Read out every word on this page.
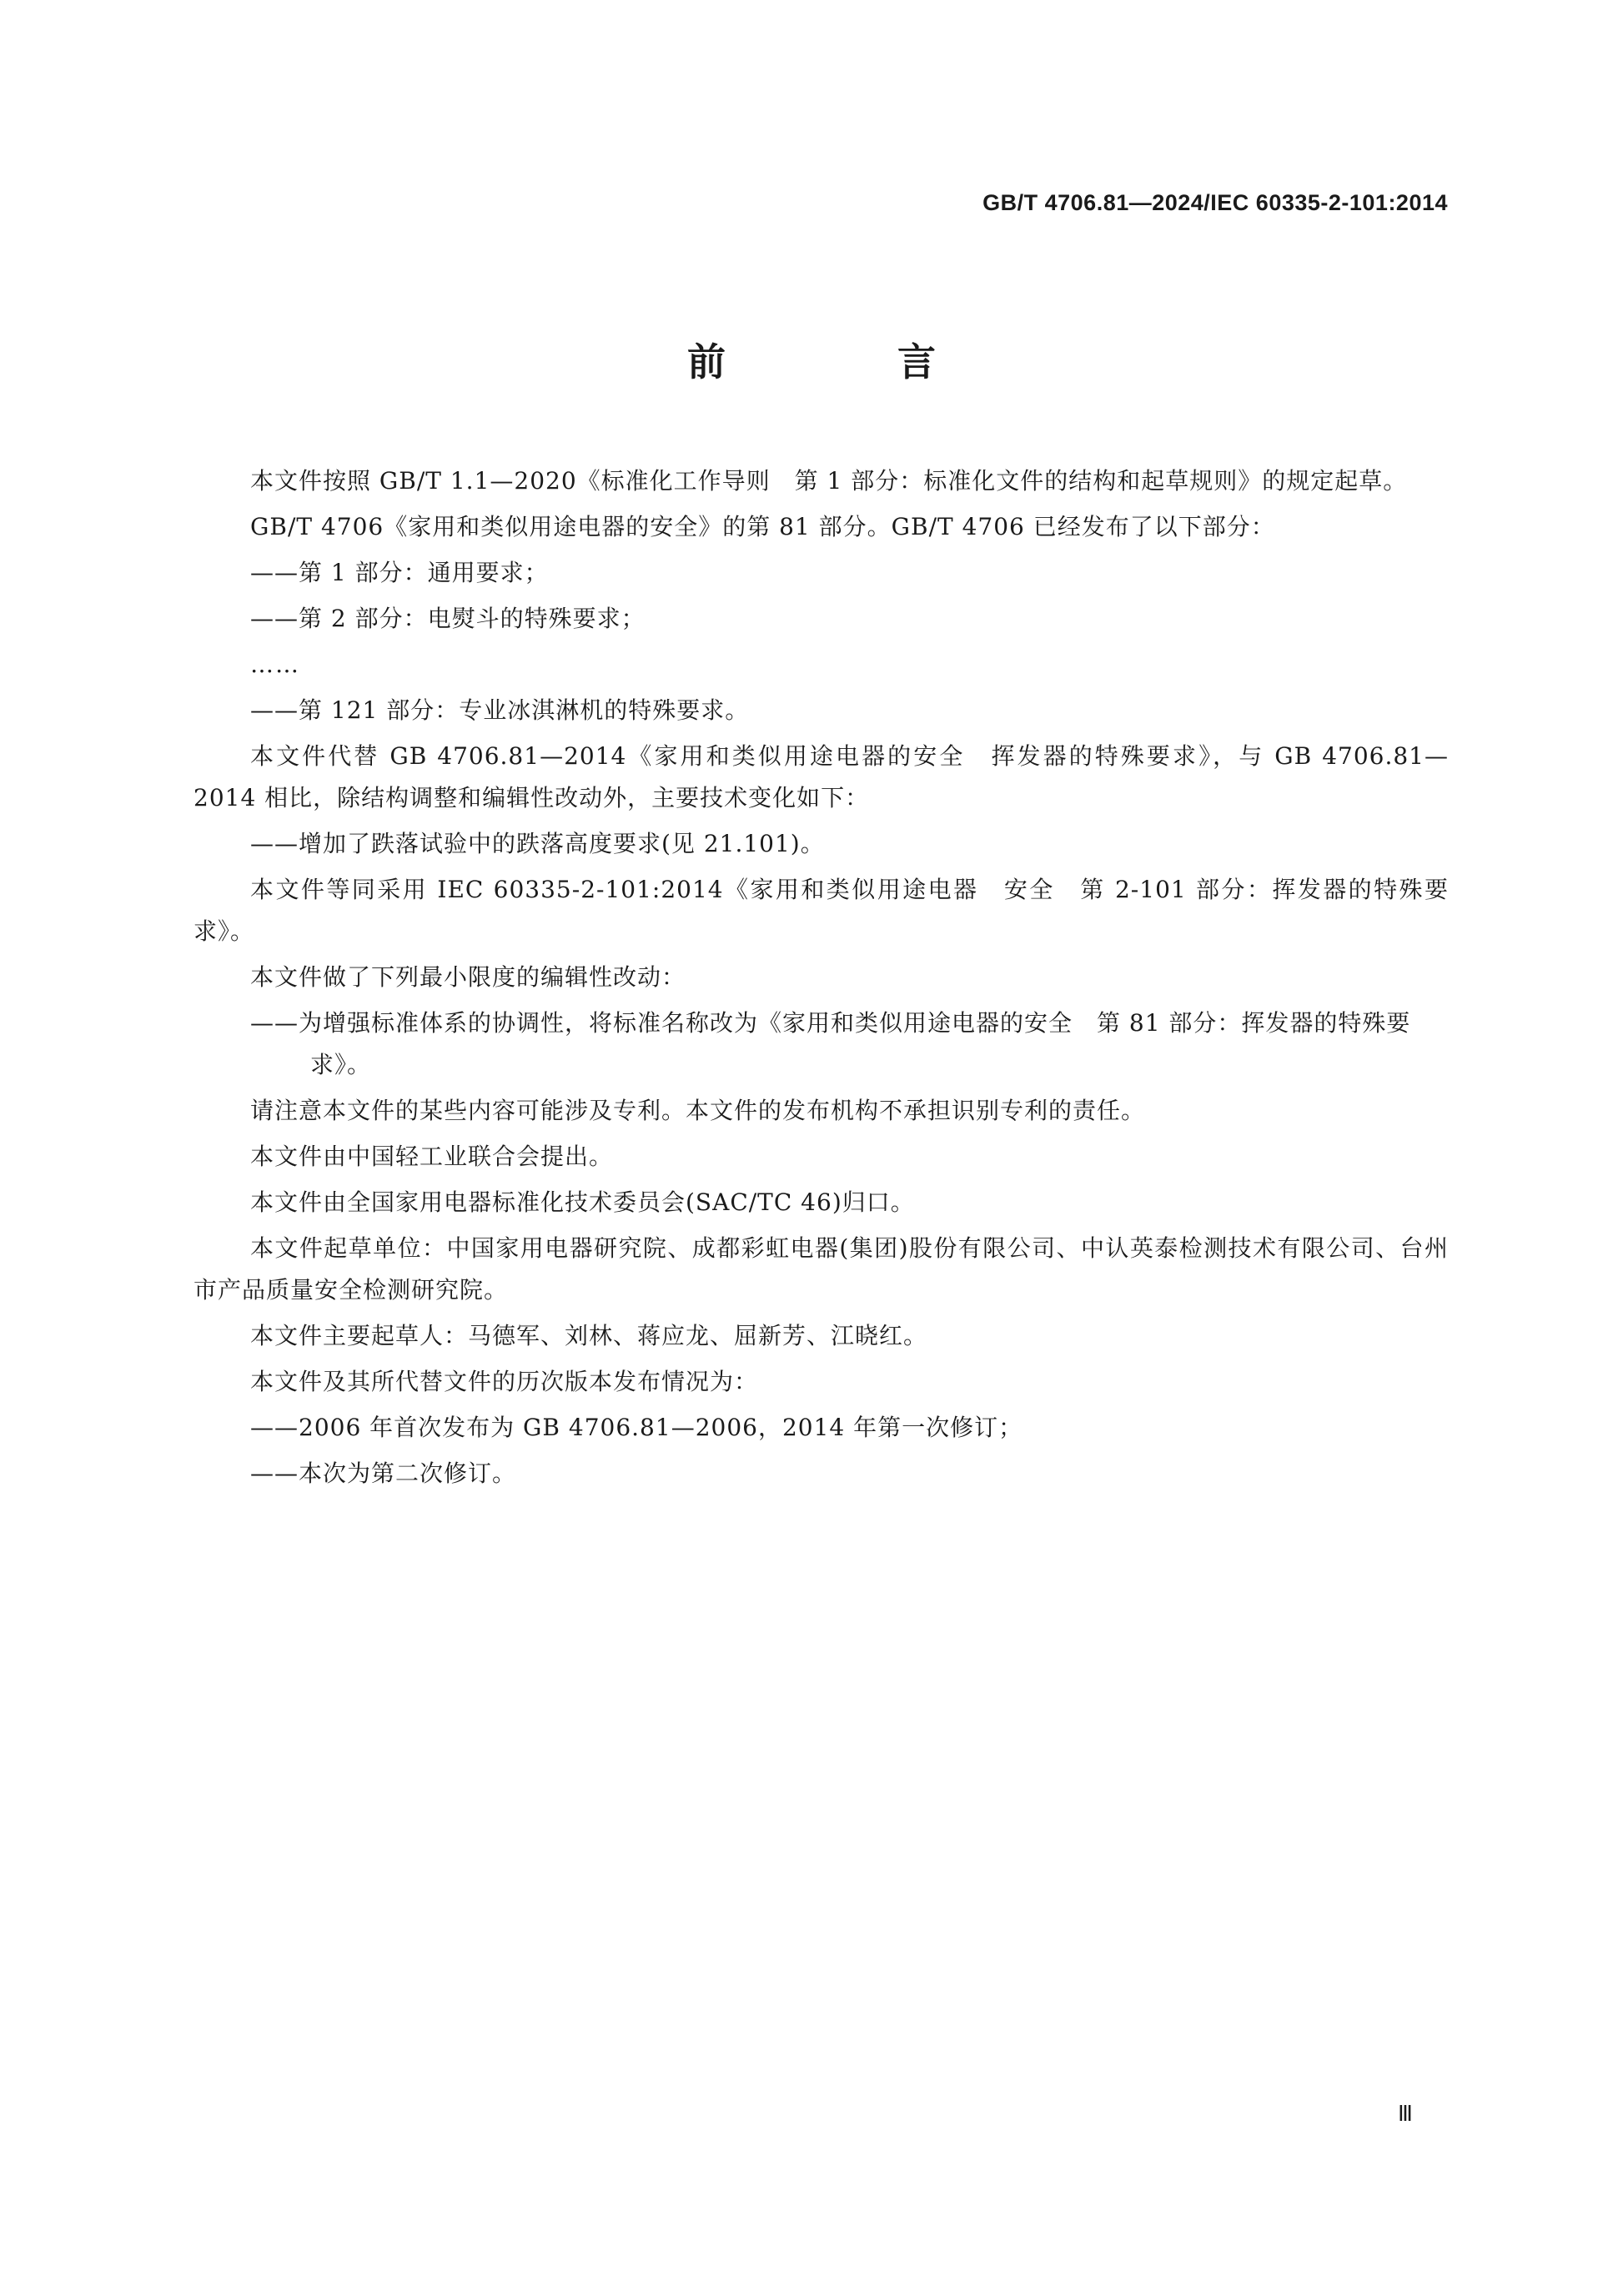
GB/T 4706.81—2024/IEC 60335-2-101:2014
前　言

本文件按照 GB/T 1.1—2020《标准化工作导则　第 1 部分：标准化文件的结构和起草规则》的规定起草。

GB/T 4706《家用和类似用途电器的安全》的第 81 部分。GB/T 4706 已经发布了以下部分：

——第 1 部分：通用要求；

——第 2 部分：电熨斗的特殊要求；

……

——第 121 部分：专业冰淇淋机的特殊要求。

本文件代替 GB 4706.81—2014《家用和类似用途电器的安全　挥发器的特殊要求》，与 GB 4706.81—2014 相比，除结构调整和编辑性改动外，主要技术变化如下：

——增加了跌落试验中的跌落高度要求(见 21.101)。

本文件等同采用 IEC 60335-2-101:2014《家用和类似用途电器　安全　第 2-101 部分：挥发器的特殊要求》。

本文件做了下列最小限度的编辑性改动：

——为增强标准体系的协调性，将标准名称改为《家用和类似用途电器的安全　第 81 部分：挥发器的特殊要求》。

请注意本文件的某些内容可能涉及专利。本文件的发布机构不承担识别专利的责任。

本文件由中国轻工业联合会提出。

本文件由全国家用电器标准化技术委员会(SAC/TC 46)归口。

本文件起草单位：中国家用电器研究院、成都彩虹电器(集团)股份有限公司、中认英泰检测技术有限公司、台州市产品质量安全检测研究院。

本文件主要起草人：马德军、刘林、蒋应龙、屈新芳、江晓红。

本文件及其所代替文件的历次版本发布情况为：

——2006 年首次发布为 GB 4706.81—2006，2014 年第一次修订；

——本次为第二次修订。

Ⅲ
